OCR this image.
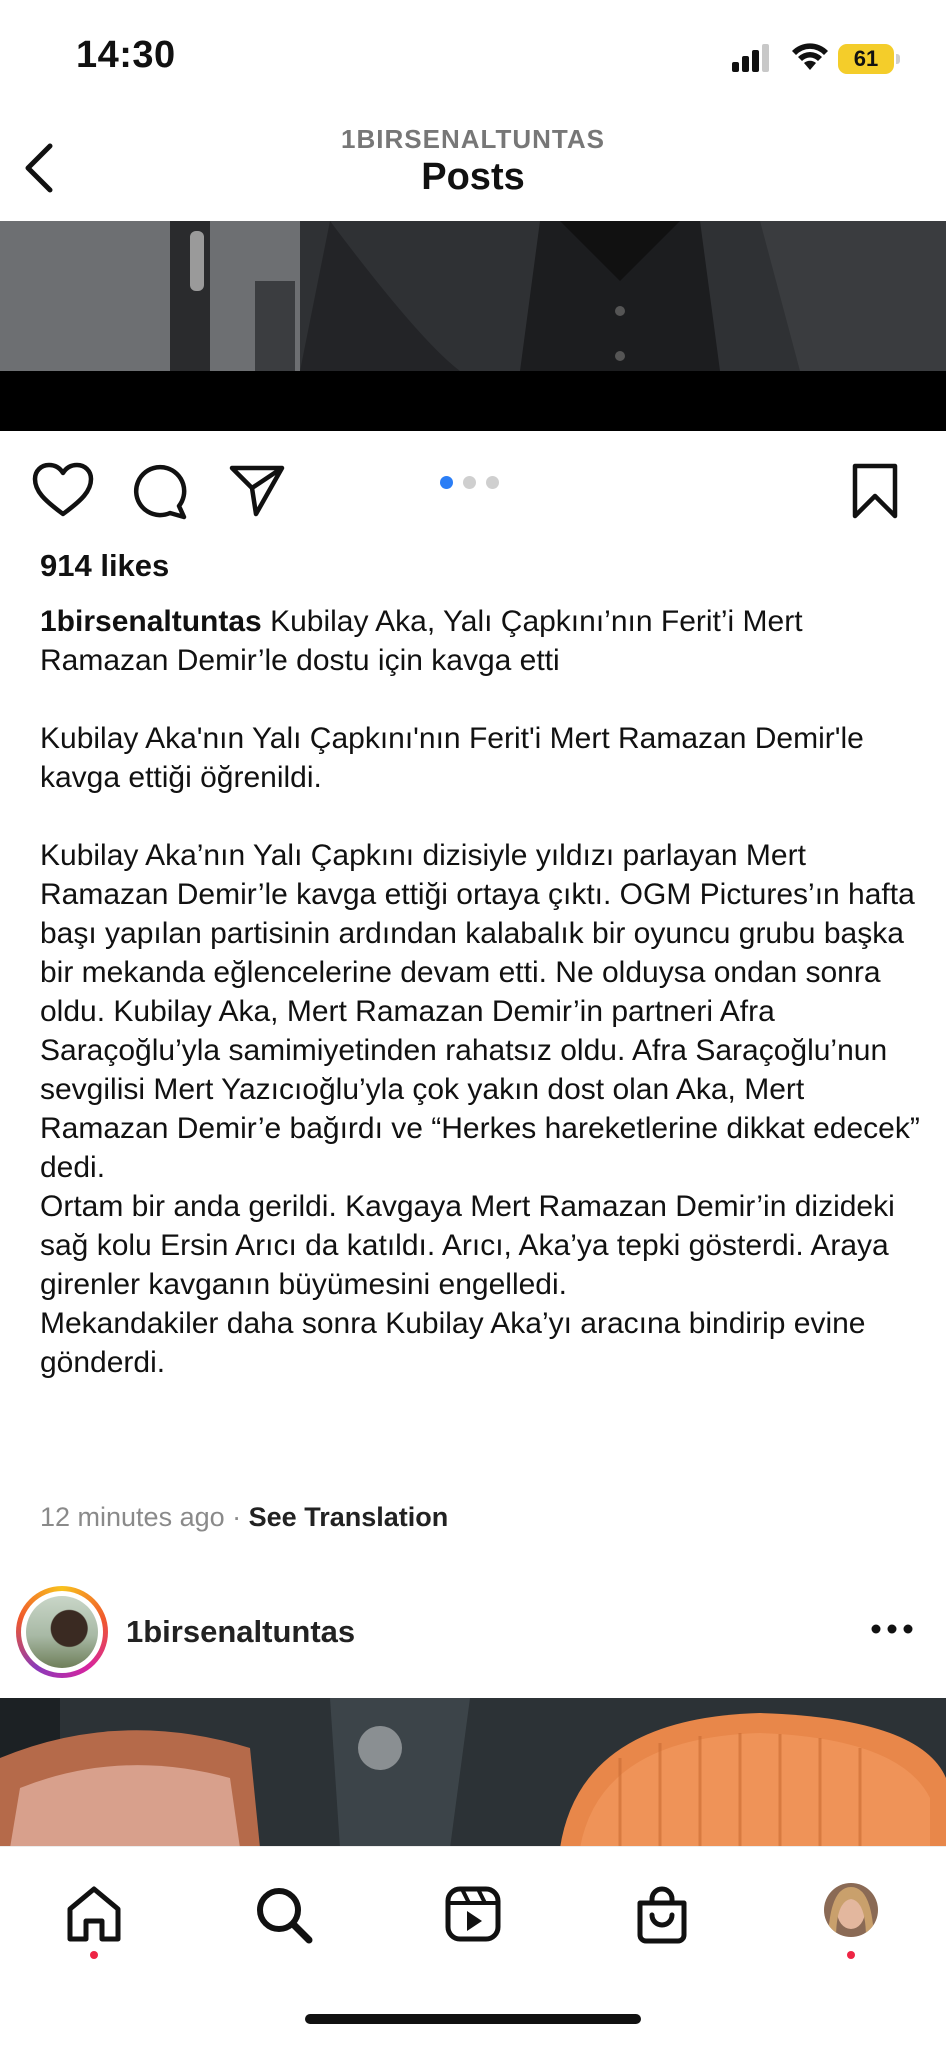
14:30	61
1BIRSENALTUNTAS
Posts
914 likes

1birsenaltuntas Kubilay Aka, Yalı Çapkını’nın Ferit’i Mert Ramazan Demir’le dostu için kavga etti

Kubilay Aka'nın Yalı Çapkını'nın Ferit'i Mert Ramazan Demir'le kavga ettiği öğrenildi.

Kubilay Aka’nın Yalı Çapkını dizisiyle yıldızı parlayan Mert Ramazan Demir’le kavga ettiği ortaya çıktı. OGM Pictures’ın hafta başı yapılan partisinin ardından kalabalık bir oyuncu grubu başka bir mekanda eğlencelerine devam etti. Ne olduysa ondan sonra oldu. Kubilay Aka, Mert Ramazan Demir’in partneri Afra Saraçoğlu’yla samimiyetinden rahatsız oldu. Afra Saraçoğlu’nun sevgilisi Mert Yazıcıoğlu’yla çok yakın dost olan Aka, Mert Ramazan Demir’e bağırdı ve “Herkes hareketlerine dikkat edecek” dedi.

Ortam bir anda gerildi. Kavgaya Mert Ramazan Demir’in dizideki sağ kolu Ersin Arıcı da katıldı. Arıcı, Aka’ya tepki gösterdi. Araya girenler kavganın büyümesini engelledi.

Mekandakiler daha sonra Kubilay Aka’yı aracına bindirip evine gönderdi.

12 minutes ago · See Translation
1birsenaltuntas
